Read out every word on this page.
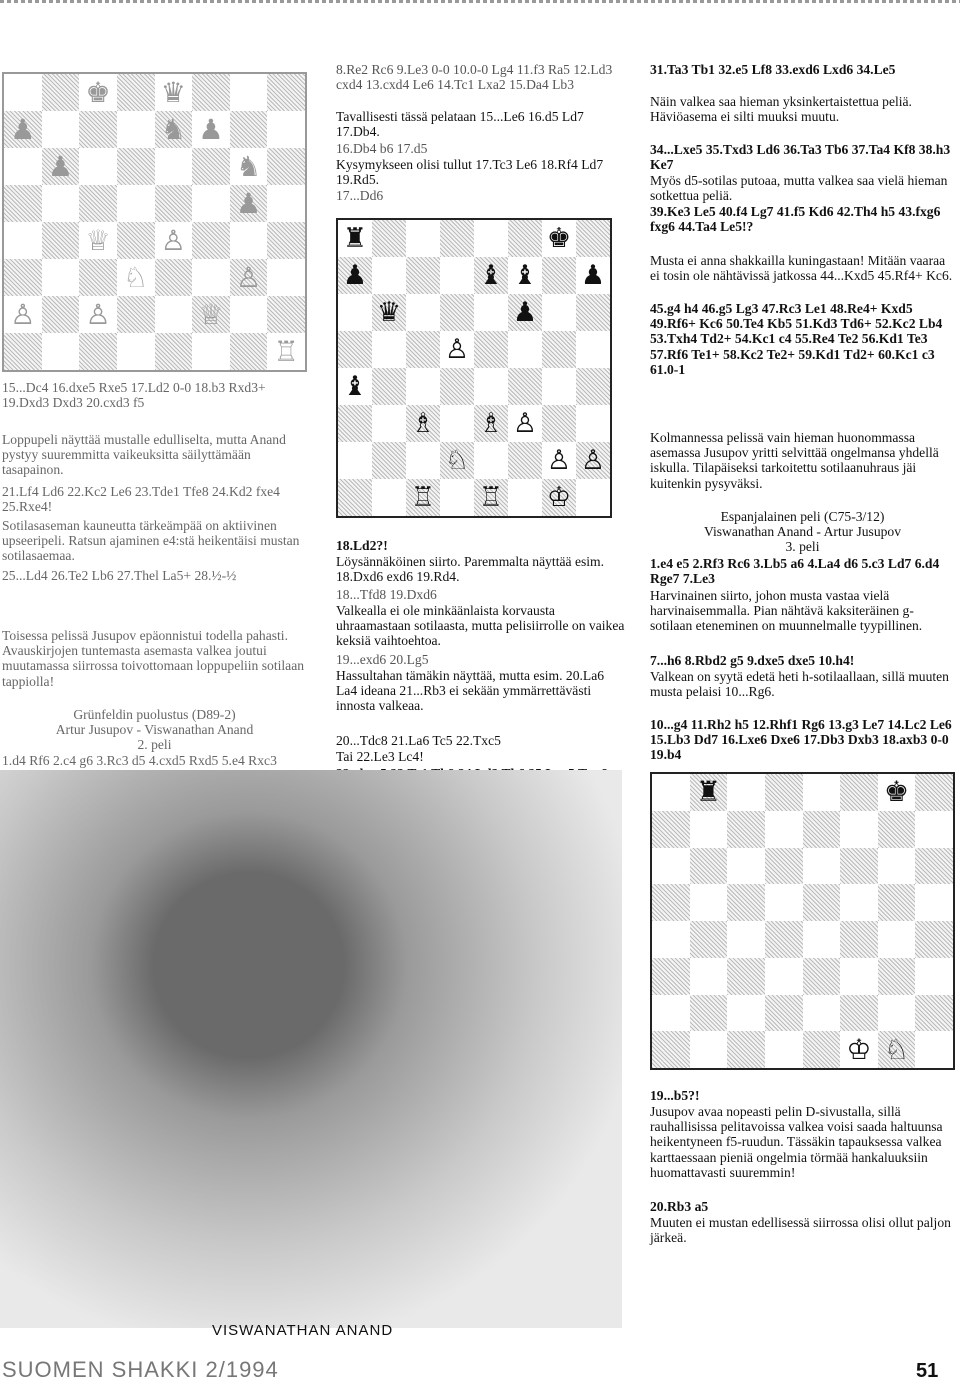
♚ ♛
♟	♞ ♟
♟	♞
♟
♕ ♙
♘	♙
♙ ♙	♕
♖

15...Dc4 16.dxe5 Rxe5 17.Ld2 0-0 18.b3 Rxd3+ 19.Dxd3 Dxd3 20.cxd3 f5

Loppupeli näyttää mustalle edulliselta, mutta Anand pystyy suuremmitta vaikeuksitta säilyttämään tasapainon.

21.Lf4 Ld6 22.Kc2 Le6 23.Tde1 Tfe8 24.Kd2 fxe4 25.Rxe4!

Sotilasaseman kauneutta tärkeämpää on aktiivinen upseeripeli. Ratsun ajaminen e4:stä heikentäisi mustan sotilasaemaa.

25...Ld4 26.Te2 Lb6 27.Thel La5+ 28.½-½

Toisessa pelissä Jusupov epäonnistui todella pahasti. Avauskirjojen tuntemasta asemasta valkea joutui muutamassa siirrossa toivottomaan loppupeliin sotilaan tappiolla!

Grünfeldin puolustus (D89-2)

Artur Jusupov - Viswanathan Anand

2. peli

1.d4 Rf6 2.c4 g6 3.Rc3 d5 4.cxd5 Rxd5 5.e4 Rxc3

8.Re2 Rc6 9.Le3 0-0 10.0-0 Lg4 11.f3 Ra5 12.Ld3 cxd4 13.cxd4 Le6 14.Tc1 Lxa2 15.Da4 Lb3

Tavallisesti tässä pelataan 15...Le6 16.d5 Ld7 17.Db4.

16.Db4 b6 17.d5

Kysymykseen olisi tullut 17.Tc3 Le6 18.Rf4 Ld7 19.Rd5.

17...Dd6

♜	♚
♟	♝ ♝ ♟
♛	♟
♙
♝
♗ ♗ ♙
♘	♙ ♙
♖ ♖ ♔

18.Ld2?!

Löysännäköinen siirto. Paremmalta näyttää esim. 18.Dxd6 exd6 19.Rd4.

18...Tfd8 19.Dxd6

Valkealla ei ole minkäänlaista korvausta uhraamastaan sotilaasta, mutta pelisiirrolle on vaikea keksiä vaihtoehtoa.

19...exd6 20.Lg5

Hassultahan tämäkin näyttää, mutta esim. 20.La6 La4 ideana 21...Rb3 ei sekään ymmärrettävästi innosta valkeaa.

20...Tdc8 21.La6 Tc5 22.Txc5

Tai 22.Le3 Lc4!

31.Ta3 Tb1 32.e5 Lf8 33.exd6 Lxd6 34.Le5

Näin valkea saa hieman yksinkertaistettua peliä. Häviöasema ei silti muuksi muutu.

34...Lxe5 35.Txd3 Ld6 36.Ta3 Tb6 37.Ta4 Kf8 38.h3 Ke7

Myös d5-sotilas putoaa, mutta valkea saa vielä hieman sotkettua peliä.

39.Ke3 Le5 40.f4 Lg7 41.f5 Kd6 42.Th4 h5 43.fxg6 fxg6 44.Ta4 Le5!?

Musta ei anna shakkailla kuningastaan! Mitään vaaraa ei tosin ole nähtävissä jatkossa 44...Kxd5 45.Rf4+ Kc6.

45.g4 h4 46.g5 Lg3 47.Rc3 Le1 48.Re4+ Kxd5 49.Rf6+ Kc6 50.Te4 Kb5 51.Kd3 Td6+ 52.Kc2 Lb4 53.Txh4 Td2+ 54.Kc1 c4 55.Re4 Te2 56.Kd1 Te3 57.Rf6 Te1+ 58.Kc2 Te2+ 59.Kd1 Td2+ 60.Kc1 c3 61.0-1

Kolmannessa pelissä vain hieman huonommassa asemassa Jusupov yritti selvittää ongelmansa yhdellä iskulla. Tilapäiseksi tarkoitettu sotilaanuhraus jäi kuitenkin pysyväksi.

Espanjalainen peli (C75-3/12)

Viswanathan Anand - Artur Jusupov

3. peli

1.e4 e5 2.Rf3 Rc6 3.Lb5 a6 4.La4 d6 5.c3 Ld7 6.d4 Rge7 7.Le3

Harvinainen siirto, johon musta vastaa vielä harvinaisemmalla. Pian nähtävä kaksiteräinen g-sotilaan eteneminen on muunnelmalle tyypillinen.

7...h6 8.Rbd2 g5 9.dxe5 dxe5 10.h4!

Valkean on syytä edetä heti h-sotilaallaan, sillä muuten musta pelaisi 10...Rg6.

10...g4 11.Rh2 h5 12.Rhf1 Rg6 13.g3 Le7 14.Lc2 Le6 15.Lb3 Dd7 16.Lxe6 Dxe6 17.Db3 Dxb3 18.axb3 0-0 19.b4

♜	♚
♔ ♘

19...b5?!

Jusupov avaa nopeasti pelin D-sivustalla, sillä rauhallisissa pelitavoissa valkea voisi saada haltuunsa heikentyneen f5-ruudun. Tässäkin tapauksessa valkea karttaessaan pieniä ongelmia törmää hankaluuksiin huomattavasti suuremmin!

20.Rb3 a5

Muuten ei mustan edellisessä siirrossa olisi ollut paljon järkeä.

VISWANATHAN ANAND
SUOMEN SHAKKI 2/1994	51
